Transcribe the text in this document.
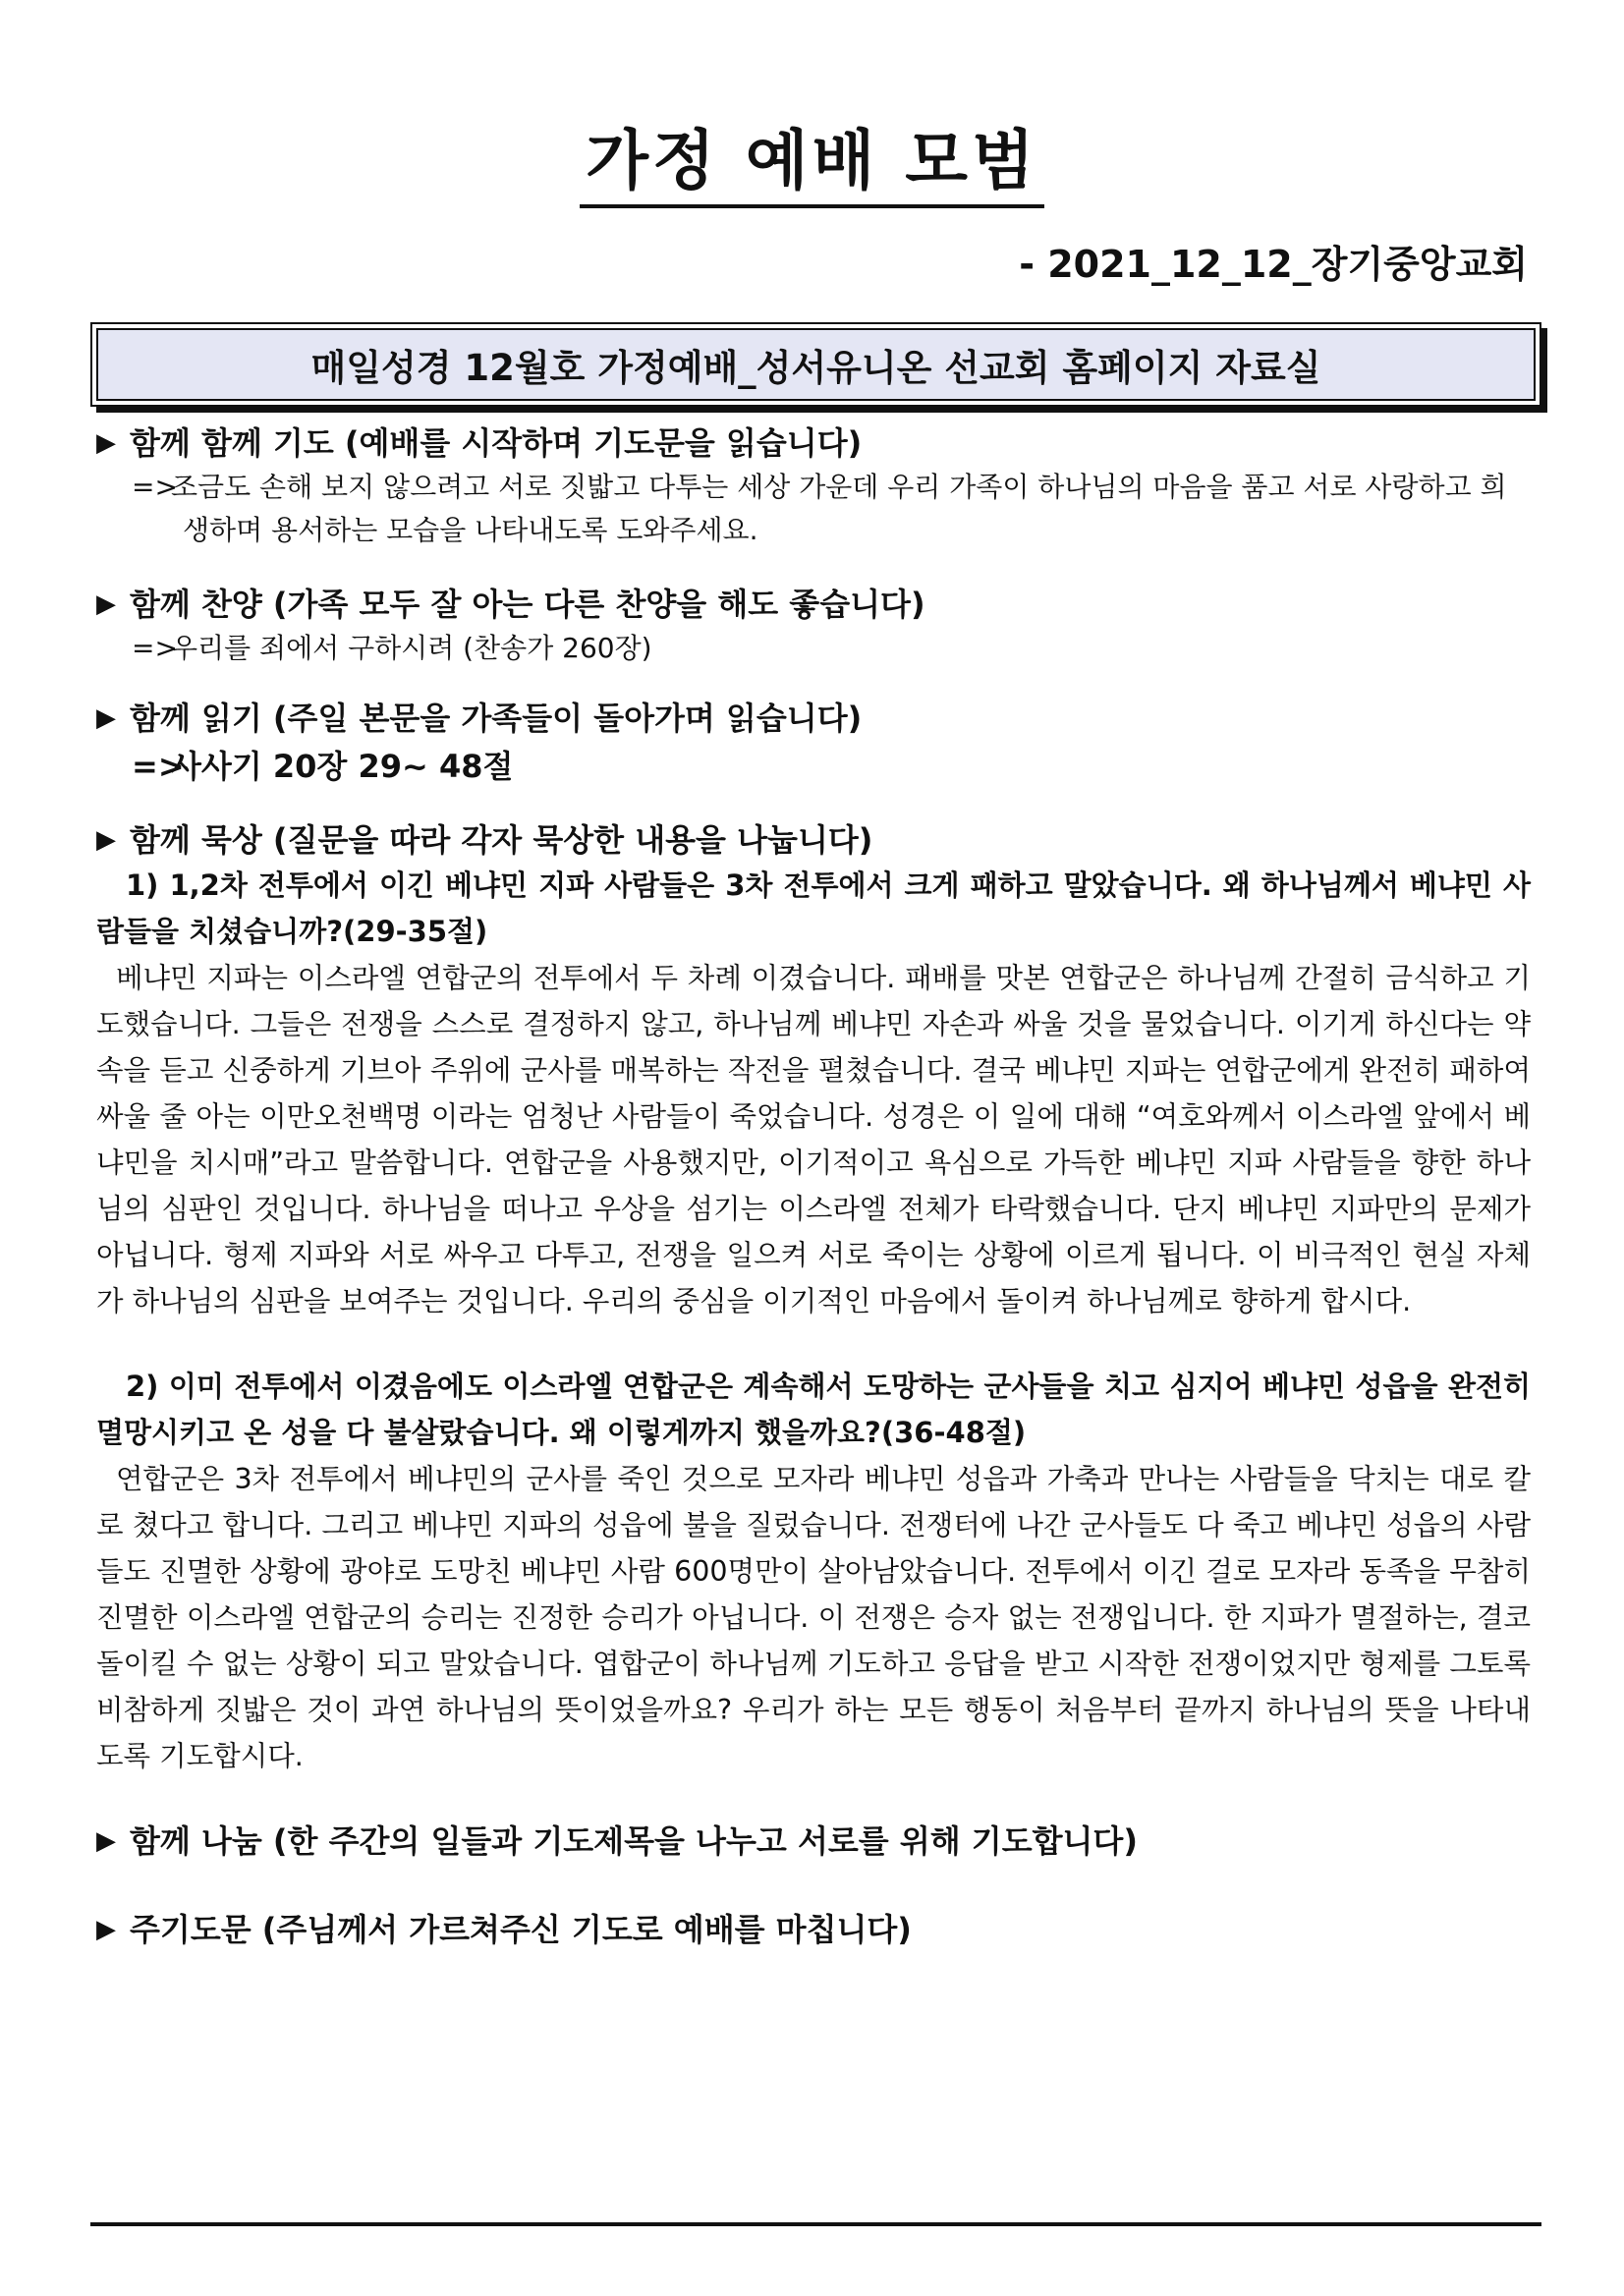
가정 예배 모범
- 2021_12_12_장기중앙교회
매일성경 12월호 가정예배_성서유니온 선교회 홈페이지 자료실

▶ 함께 함께 기도 (예배를 시작하며 기도문을 읽습니다)

=>조금도 손해 보지 않으려고 서로 짓밟고 다투는 세상 가운데 우리 가족이 하나님의 마음을 품고 서로 사랑하고 희생하며 용서하는 모습을 나타내도록 도와주세요.

▶ 함께 찬양 (가족 모두 잘 아는 다른 찬양을 해도 좋습니다)

=>우리를 죄에서 구하시려 (찬송가 260장)

▶ 함께 읽기 (주일 본문을 가족들이 돌아가며 읽습니다)

=>사사기 20장 29~ 48절

▶ 함께 묵상 (질문을 따라 각자 묵상한 내용을 나눕니다)

1) 1,2차 전투에서 이긴 베냐민 지파 사람들은 3차 전투에서 크게 패하고 말았습니다. 왜 하나님께서 베냐민 사람들을 치셨습니까?(29-35절)

베냐민 지파는 이스라엘 연합군의 전투에서 두 차례 이겼습니다. 패배를 맛본 연합군은 하나님께 간절히 금식하고 기도했습니다. 그들은 전쟁을 스스로 결정하지 않고, 하나님께 베냐민 자손과 싸울 것을 물었습니다. 이기게 하신다는 약속을 듣고 신중하게 기브아 주위에 군사를 매복하는 작전을 펼쳤습니다. 결국 베냐민 지파는 연합군에게 완전히 패하여 싸울 줄 아는 이만오천백명 이라는 엄청난 사람들이 죽었습니다. 성경은 이 일에 대해 “여호와께서 이스라엘 앞에서 베냐민을 치시매”라고 말씀합니다. 연합군을 사용했지만, 이기적이고 욕심으로 가득한 베냐민 지파 사람들을 향한 하나님의 심판인 것입니다. 하나님을 떠나고 우상을 섬기는 이스라엘 전체가 타락했습니다. 단지 베냐민 지파만의 문제가 아닙니다. 형제 지파와 서로 싸우고 다투고, 전쟁을 일으켜 서로 죽이는 상황에 이르게 됩니다. 이 비극적인 현실 자체가 하나님의 심판을 보여주는 것입니다. 우리의 중심을 이기적인 마음에서 돌이켜 하나님께로 향하게 합시다.

2) 이미 전투에서 이겼음에도 이스라엘 연합군은 계속해서 도망하는 군사들을 치고 심지어 베냐민 성읍을 완전히 멸망시키고 온 성을 다 불살랐습니다. 왜 이렇게까지 했을까요?(36-48절)

연합군은 3차 전투에서 베냐민의 군사를 죽인 것으로 모자라 베냐민 성읍과 가축과 만나는 사람들을 닥치는 대로 칼로 쳤다고 합니다. 그리고 베냐민 지파의 성읍에 불을 질렀습니다. 전쟁터에 나간 군사들도 다 죽고 베냐민 성읍의 사람들도 진멸한 상황에 광야로 도망친 베냐민 사람 600명만이 살아남았습니다. 전투에서 이긴 걸로 모자라 동족을 무참히 진멸한 이스라엘 연합군의 승리는 진정한 승리가 아닙니다. 이 전쟁은 승자 없는 전쟁입니다. 한 지파가 멸절하는, 결코 돌이킬 수 없는 상황이 되고 말았습니다. 엽합군이 하나님께 기도하고 응답을 받고 시작한 전쟁이었지만 형제를 그토록 비참하게 짓밟은 것이 과연 하나님의 뜻이었을까요? 우리가 하는 모든 행동이 처음부터 끝까지 하나님의 뜻을 나타내도록 기도합시다.

▶ 함께 나눔 (한 주간의 일들과 기도제목을 나누고 서로를 위해 기도합니다)

▶ 주기도문 (주님께서 가르쳐주신 기도로 예배를 마칩니다)
